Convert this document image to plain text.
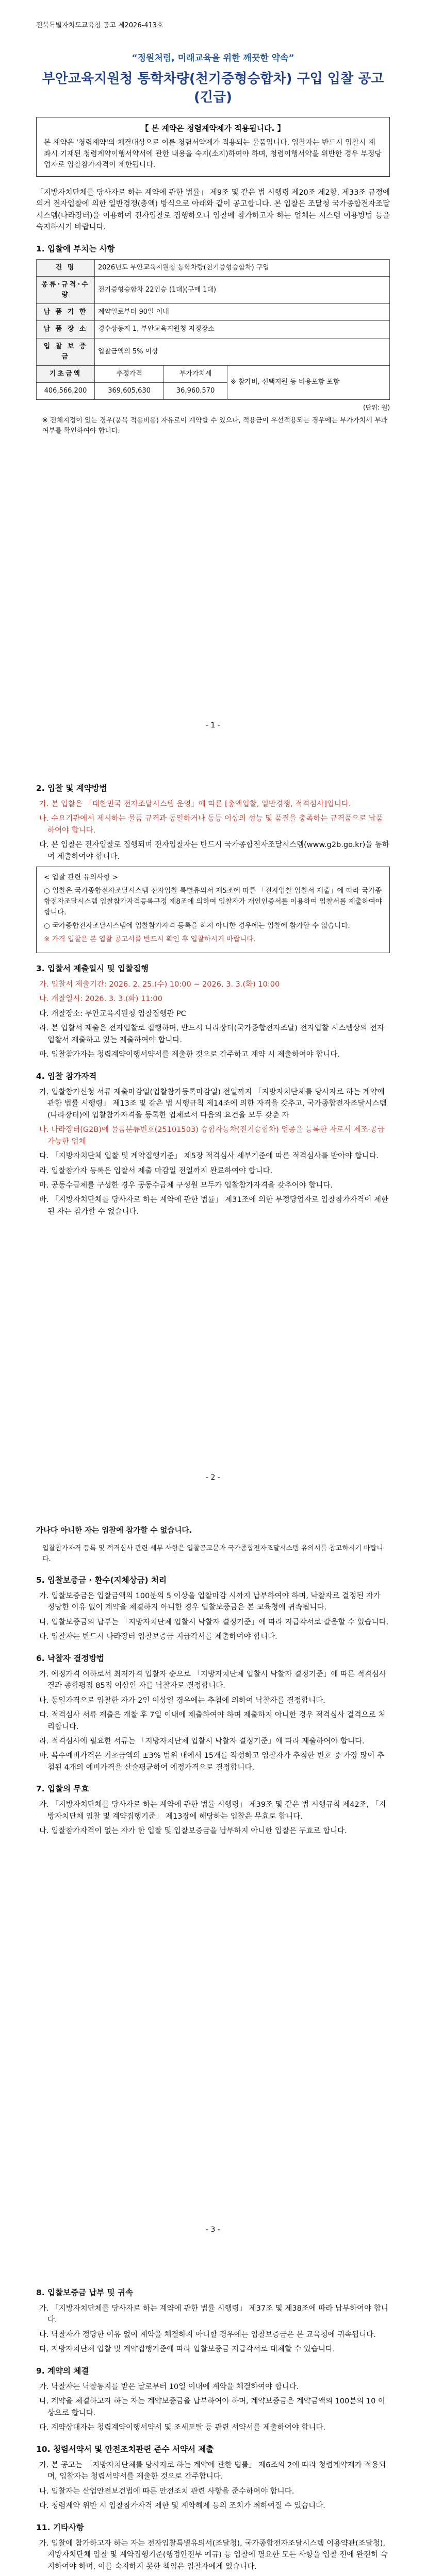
전북특별자치도교육청 공고 제2026-413호
“정원처럼, 미래교육을 위한 깨끗한 약속”
부안교육지원청 통학차량(천기증형승합차) 구입 입찰 공고(긴급)
【 본 계약은 청렴계약제가 적용됩니다. 】
본 계약은 '청렴계약'의 체결대상으로 이른 청렴서약제가 적용되는 물품입니다. 입찰자는 반드시 입찰시 계좌시 기재된 청렴계약이행서약서에 관한 내용을 숙지(소지)하여야 하며, 청렴이행서약을 위반한 경우 부정당업자로 입찰참가자격이 제한됩니다.

「지방자치단체를 당사자로 하는 계약에 관한 법률」 제9조 및 같은 법 시행령 제20조 제2항, 제33조 규정에 의거 전자입찰에 의한 일반경쟁(총액) 방식으로 아래와 같이 공고합니다. 본 입찰은 조달청 국가종합전자조달시스템(나라장터)을 이용하여 전자입찰로 집행하오니 입찰에 참가하고자 하는 업체는 시스템 이용방법 등을 숙지하시기 바랍니다.

1. 입찰에 부치는 사항
건 명	2026년도 부안교육지원청 통학차량(천기증형승합차) 구입		
종류·규격·수량	전기증형승합차 22인승 (1대)(구매 1대)		
납 품 기 한	계약일로부터 90일 이내		
납 품 장 소	경수상동지 1, 부안교육지원청 지정장소		
입 찰 보 증 금	입찰금액의 5% 이상		
기초금액	추정가격	부가가치세	※ 참가비, 선택지원 등 비용포함 포함
406,566,200	369,605,630	36,960,570	
(단위: 원)
※ 전체지정이 있는 경우(품목 적용비용) 자유로이 계약할 수 있으나, 적용금이 우선적용되는 경우에는 부가가치세 부과 여부를 확인하여야 합니다.
- 1 -
2. 입찰 및 계약방법
가. 본 입찰은 「대한민국 전자조달시스템 운영」에 따른 [총액입찰, 일반경쟁, 적격심사]입니다.
나. 수요기관에서 제시하는 물품 규격과 동일하거나 동등 이상의 성능 및 품질을 충족하는 규격품으로 납품하여야 합니다.
다. 본 입찰은 전자입찰로 집행되며 전자입찰자는 반드시 국가종합전자조달시스템(www.g2b.go.kr)을 통하여 제출하여야 합니다.
< 입찰 관련 유의사항 >
○ 입찰은 국가종합전자조달시스템 전자입찰 특별유의서 제5조에 따른 「전자입찰 입찰서 제출」에 따라 국가종합전자조달시스템 입찰참가자격등록규정 제8조에 의하여 입찰자가 개인인증서를 이용하여 입찰서를 제출하여야 합니다.
○ 국가종합전자조달시스템에 입찰참가자격 등록을 하지 아니한 경우에는 입찰에 참가할 수 없습니다.
※ 가격 입찰은 본 입찰 공고서를 반드시 확인 후 입찰하시기 바랍니다.
3. 입찰서 제출일시 및 입찰집행
가. 입찰서 제출기간: 2026. 2. 25.(수) 10:00 ~ 2026. 3. 3.(화) 10:00
나. 개찰일시: 2026. 3. 3.(화) 11:00
다. 개찰장소: 부안교육지원청 입찰집행관 PC
라. 본 입찰서 제출은 전자입찰로 집행하며, 반드시 나라장터(국가종합전자조달) 전자입찰 시스템상의 전자입찰서 제출하고 있는 제출하여야 합니다.
마. 입찰참가자는 청렴계약이행서약서를 제출한 것으로 간주하고 계약 시 제출하여야 합니다.
4. 입찰 참가자격
가. 입찰참가신청 서류 제출마감일(입찰참가등록마감일) 전일까지 「지방자치단체를 당사자로 하는 계약에 관한 법률 시행령」 제13조 및 같은 법 시행규칙 제14조에 의한 자격을 갖추고, 국가종합전자조달시스템(나라장터)에 입찰참가자격을 등록한 업체로서 다음의 요건을 모두 갖춘 자
나. 나라장터(G2B)에 물품분류번호(25101503) 승합자동차(전기승합차) 업종을 등록한 자로서 제조·공급 가능한 업체
다. 「지방자치단체 입찰 및 계약집행기준」 제5장 적격심사 세부기준에 따른 적격심사를 받아야 합니다.
라. 입찰참가자 등록은 입찰서 제출 마감일 전일까지 완료하여야 합니다.
마. 공동수급체를 구성한 경우 공동수급체 구성원 모두가 입찰참가자격을 갖추어야 합니다.
바. 「지방자치단체를 당사자로 하는 계약에 관한 법률」 제31조에 의한 부정당업자로 입찰참가자격이 제한된 자는 참가할 수 없습니다.
- 2 -
가나다 아니한 자는 입찰에 참가할 수 없습니다.
입찰참가자격 등록 및 적격심사 관련 세부 사항은 입찰공고문과 국가종합전자조달시스템 유의서를 참고하시기 바랍니다.
5. 입찰보증금 · 환수(지체상금) 처리
가. 입찰보증금은 입찰금액의 100분의 5 이상을 입찰마감 시까지 납부하여야 하며, 낙찰자로 결정된 자가 정당한 이유 없이 계약을 체결하지 아니한 경우 입찰보증금은 본 교육청에 귀속됩니다.
나. 입찰보증금의 납부는 「지방자치단체 입찰시 낙찰자 결정기준」에 따라 지급각서로 갈음할 수 있습니다.
다. 입찰자는 반드시 나라장터 입찰보증금 지급각서를 제출하여야 합니다.
6. 낙찰자 결정방법
가. 예정가격 이하로서 최저가격 입찰자 순으로 「지방자치단체 입찰시 낙찰자 결정기준」에 따른 적격심사 결과 종합평점 85점 이상인 자를 낙찰자로 결정합니다.
나. 동일가격으로 입찰한 자가 2인 이상일 경우에는 추첨에 의하여 낙찰자를 결정합니다.
다. 적격심사 서류 제출은 개찰 후 7일 이내에 제출하여야 하며 제출하지 아니한 경우 적격심사 결격으로 처리합니다.
라. 적격심사에 필요한 서류는 「지방자치단체 입찰시 낙찰자 결정기준」에 따라 제출하여야 합니다.
마. 복수예비가격은 기초금액의 ±3% 범위 내에서 15개를 작성하고 입찰자가 추첨한 번호 중 가장 많이 추첨된 4개의 예비가격을 산술평균하여 예정가격으로 결정합니다.
7. 입찰의 무효
가. 「지방자치단체를 당사자로 하는 계약에 관한 법률 시행령」 제39조 및 같은 법 시행규칙 제42조, 「지방자치단체 입찰 및 계약집행기준」 제13장에 해당하는 입찰은 무효로 합니다.
나. 입찰참가자격이 없는 자가 한 입찰 및 입찰보증금을 납부하지 아니한 입찰은 무효로 합니다.
- 3 -
8. 입찰보증금 납부 및 귀속
가. 「지방자치단체를 당사자로 하는 계약에 관한 법률 시행령」 제37조 및 제38조에 따라 납부하여야 합니다.
나. 낙찰자가 정당한 이유 없이 계약을 체결하지 아니할 경우에는 입찰보증금은 본 교육청에 귀속됩니다.
다. 지방자치단체 입찰 및 계약집행기준에 따라 입찰보증금 지급각서로 대체할 수 있습니다.
9. 계약의 체결
가. 낙찰자는 낙찰통지를 받은 날로부터 10일 이내에 계약을 체결하여야 합니다.
나. 계약을 체결하고자 하는 자는 계약보증금을 납부하여야 하며, 계약보증금은 계약금액의 100분의 10 이상으로 합니다.
다. 계약상대자는 청렴계약이행서약서 및 조세포탈 등 관련 서약서를 제출하여야 합니다.
10. 청렴서약서 및 안전조치관련 준수 서약서 제출
가. 본 공고는 「지방자치단체를 당사자로 하는 계약에 관한 법률」 제6조의 2에 따라 청렴계약제가 적용되며, 입찰자는 청렴서약서를 제출한 것으로 간주합니다.
나. 입찰자는 산업안전보건법에 따른 안전조치 관련 사항을 준수하여야 합니다.
다. 청렴계약 위반 시 입찰참가자격 제한 및 계약해제 등의 조치가 취하여질 수 있습니다.
11. 기타사항
가. 입찰에 참가하고자 하는 자는 전자입찰특별유의서(조달청), 국가종합전자조달시스템 이용약관(조달청), 지방자치단체 입찰 및 계약집행기준(행정안전부 예규) 등 입찰에 필요한 모든 사항을 입찰 전에 완전히 숙지하여야 하며, 이를 숙지하지 못한 책임은 입찰자에게 있습니다.
